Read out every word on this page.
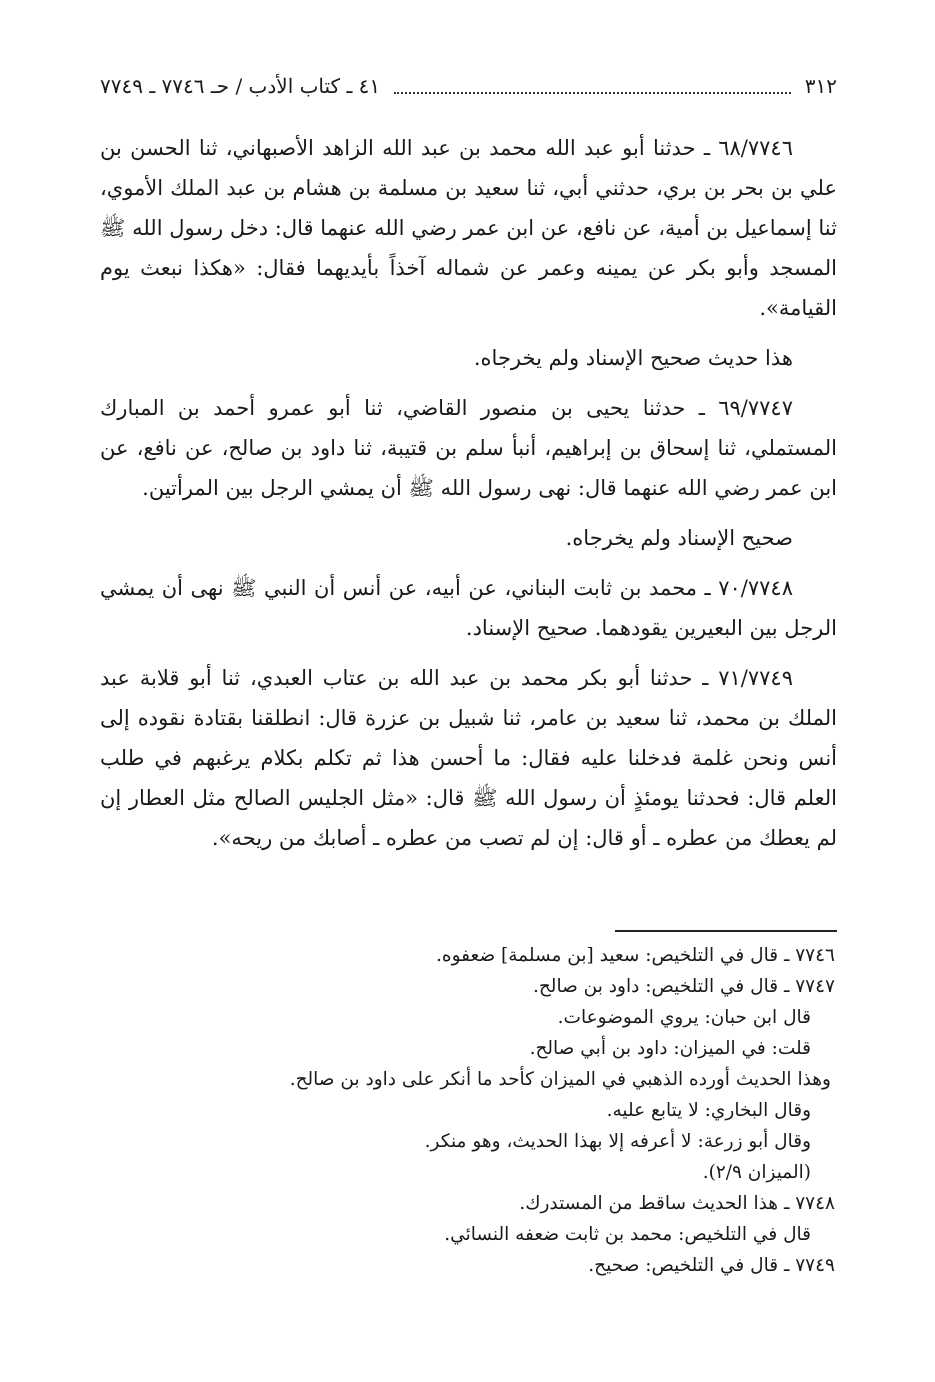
٣١٢
٤١ ـ كتاب الأدب / حـ ٧٧٤٦ ـ ٧٧٤٩

٦٨/٧٧٤٦ ـ حدثنا أبو عبد الله محمد بن عبد الله الزاهد الأصبهاني، ثنا الحسن بن علي بن بحر بن بري، حدثني أبي، ثنا سعيد بن مسلمة بن هشام بن عبد الملك الأموي، ثنا إسماعيل بن أمية، عن نافع، عن ابن عمر رضي الله عنهما قال: دخل رسول الله ﷺ المسجد وأبو بكر عن يمينه وعمر عن شماله آخذاً بأيديهما فقال: «هكذا نبعث يوم القيامة».

هذا حديث صحيح الإسناد ولم يخرجاه.

٦٩/٧٧٤٧ ـ حدثنا يحيى بن منصور القاضي، ثنا أبو عمرو أحمد بن المبارك المستملي، ثنا إسحاق بن إبراهيم، أنبأ سلم بن قتيبة، ثنا داود بن صالح، عن نافع، عن ابن عمر رضي الله عنهما قال: نهى رسول الله ﷺ أن يمشي الرجل بين المرأتين.

صحيح الإسناد ولم يخرجاه.

٧٠/٧٧٤٨ ـ محمد بن ثابت البناني، عن أبيه، عن أنس أن النبي ﷺ نهى أن يمشي الرجل بين البعيرين يقودهما. صحيح الإسناد.

٧١/٧٧٤٩ ـ حدثنا أبو بكر محمد بن عبد الله بن عتاب العبدي، ثنا أبو قلابة عبد الملك بن محمد، ثنا سعيد بن عامر، ثنا شبيل بن عزرة قال: انطلقنا بقتادة نقوده إلى أنس ونحن غلمة فدخلنا عليه فقال: ما أحسن هذا ثم تكلم بكلام يرغبهم في طلب العلم قال: فحدثنا يومئذٍ أن رسول الله ﷺ قال: «مثل الجليس الصالح مثل العطار إن لم يعطك من عطره ـ أو قال: إن لم تصب من عطره ـ أصابك من ريحه».

٧٧٤٦ ـ قال في التلخيص: سعيد [بن مسلمة] ضعفوه.

٧٧٤٧ ـ قال في التلخيص: داود بن صالح.

قال ابن حبان: يروي الموضوعات.

قلت: في الميزان: داود بن أبي صالح.

وهذا الحديث أورده الذهبي في الميزان كأحد ما أنكر على داود بن صالح.

وقال البخاري: لا يتابع عليه.

وقال أبو زرعة: لا أعرفه إلا بهذا الحديث، وهو منكر.

(الميزان ٢/٩).

٧٧٤٨ ـ هذا الحديث ساقط من المستدرك.

قال في التلخيص: محمد بن ثابت ضعفه النسائي.

٧٧٤٩ ـ قال في التلخيص: صحيح.
